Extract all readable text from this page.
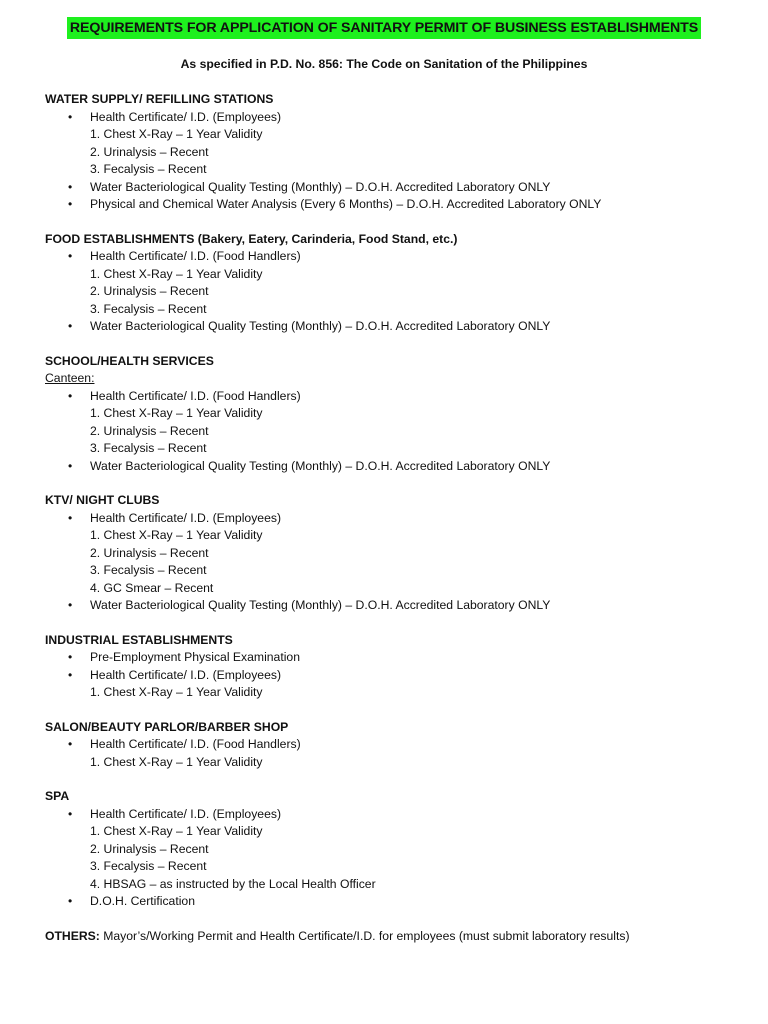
REQUIREMENTS FOR APPLICATION OF SANITARY PERMIT OF BUSINESS ESTABLISHMENTS
As specified in P.D. No. 856: The Code on Sanitation of the Philippines
WATER SUPPLY/ REFILLING STATIONS
• Health Certificate/ I.D. (Employees)
1. Chest X-Ray – 1 Year Validity
2. Urinalysis – Recent
3. Fecalysis – Recent
• Water Bacteriological Quality Testing (Monthly) – D.O.H. Accredited Laboratory ONLY
• Physical and Chemical Water Analysis (Every 6 Months) – D.O.H. Accredited Laboratory ONLY
FOOD ESTABLISHMENTS (Bakery, Eatery, Carinderia, Food Stand, etc.)
• Health Certificate/ I.D. (Food Handlers)
1. Chest X-Ray – 1 Year Validity
2. Urinalysis – Recent
3. Fecalysis – Recent
• Water Bacteriological Quality Testing (Monthly) – D.O.H. Accredited Laboratory ONLY
SCHOOL/HEALTH SERVICES
Canteen:
• Health Certificate/ I.D. (Food Handlers)
1. Chest X-Ray – 1 Year Validity
2. Urinalysis – Recent
3. Fecalysis – Recent
• Water Bacteriological Quality Testing (Monthly) – D.O.H. Accredited Laboratory ONLY
KTV/ NIGHT CLUBS
• Health Certificate/ I.D. (Employees)
1. Chest X-Ray – 1 Year Validity
2. Urinalysis – Recent
3. Fecalysis – Recent
4. GC Smear – Recent
• Water Bacteriological Quality Testing (Monthly) – D.O.H. Accredited Laboratory ONLY
INDUSTRIAL ESTABLISHMENTS
• Pre-Employment Physical Examination
• Health Certificate/ I.D. (Employees)
1. Chest X-Ray – 1 Year Validity
SALON/BEAUTY PARLOR/BARBER SHOP
• Health Certificate/ I.D. (Food Handlers)
1. Chest X-Ray – 1 Year Validity
SPA
• Health Certificate/ I.D. (Employees)
1. Chest X-Ray – 1 Year Validity
2. Urinalysis – Recent
3. Fecalysis – Recent
4. HBSAG – as instructed by the Local Health Officer
• D.O.H. Certification
OTHERS: Mayor’s/Working Permit and Health Certificate/I.D. for employees (must submit laboratory results)
